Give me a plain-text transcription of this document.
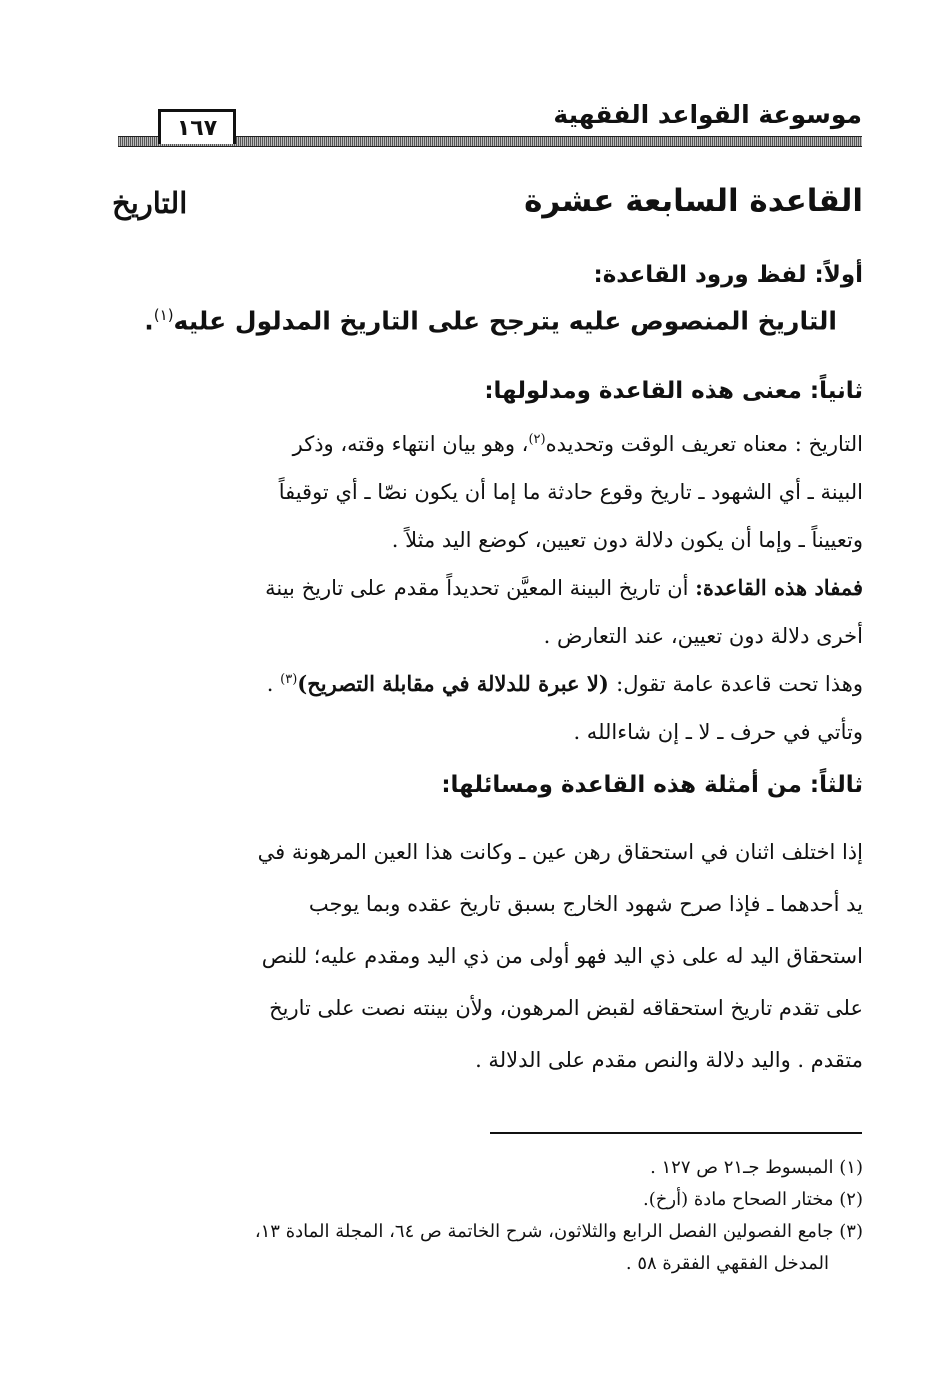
موسوعة القواعد الفقهية
١٦٧
القاعدة السابعة عشرة
التاريخ
أولاً: لفظ ورود القاعدة:
التاريخ المنصوص عليه يترجح على التاريخ المدلول عليه$^{(١)}$.
ثانياً: معنى هذه القاعدة ومدلولها:
التاريخ : معناه تعريف الوقت وتحديده$^{(٢)}$، وهو بيان انتهاء وقته، وذكر
البينة ـ أي الشهود ـ تاريخ وقوع حادثة ما إما أن يكون نصّا ـ أي توقيفاً
وتعييناً ـ وإما أن يكون دلالة دون تعيين، كوضع اليد مثلاً .
فمفاد هذه القاعدة: أن تاريخ البينة المعيَّن تحديداً مقدم على تاريخ بينة
أخرى دلالة دون تعيين، عند التعارض .
وهذا تحت قاعدة عامة تقول: (لا عبرة للدلالة في مقابلة التصريح)$^{(٣)}$ .
وتأتي في حرف ـ لا ـ إن شاءالله .
ثالثاً: من أمثلة هذه القاعدة ومسائلها:
إذا اختلف اثنان في استحقاق رهن عين ـ وكانت هذا العين المرهونة في
يد أحدهما ـ فإذا صرح شهود الخارج بسبق تاريخ عقده وبما يوجب
استحقاق اليد له على ذي اليد فهو أولى من ذي اليد ومقدم عليه؛ للنص
على تقدم تاريخ استحقاقه لقبض المرهون، ولأن بينته نصت على تاريخ
متقدم . واليد دلالة والنص مقدم على الدلالة .
(١) المبسوط جـ٢١ ص ١٢٧ .
(٢) مختار الصحاح مادة (أرخ).
(٣) جامع الفصولين الفصل الرابع والثلاثون، شرح الخاتمة ص ٦٤، المجلة المادة ١٣،
المدخل الفقهي الفقرة ٥٨ .
